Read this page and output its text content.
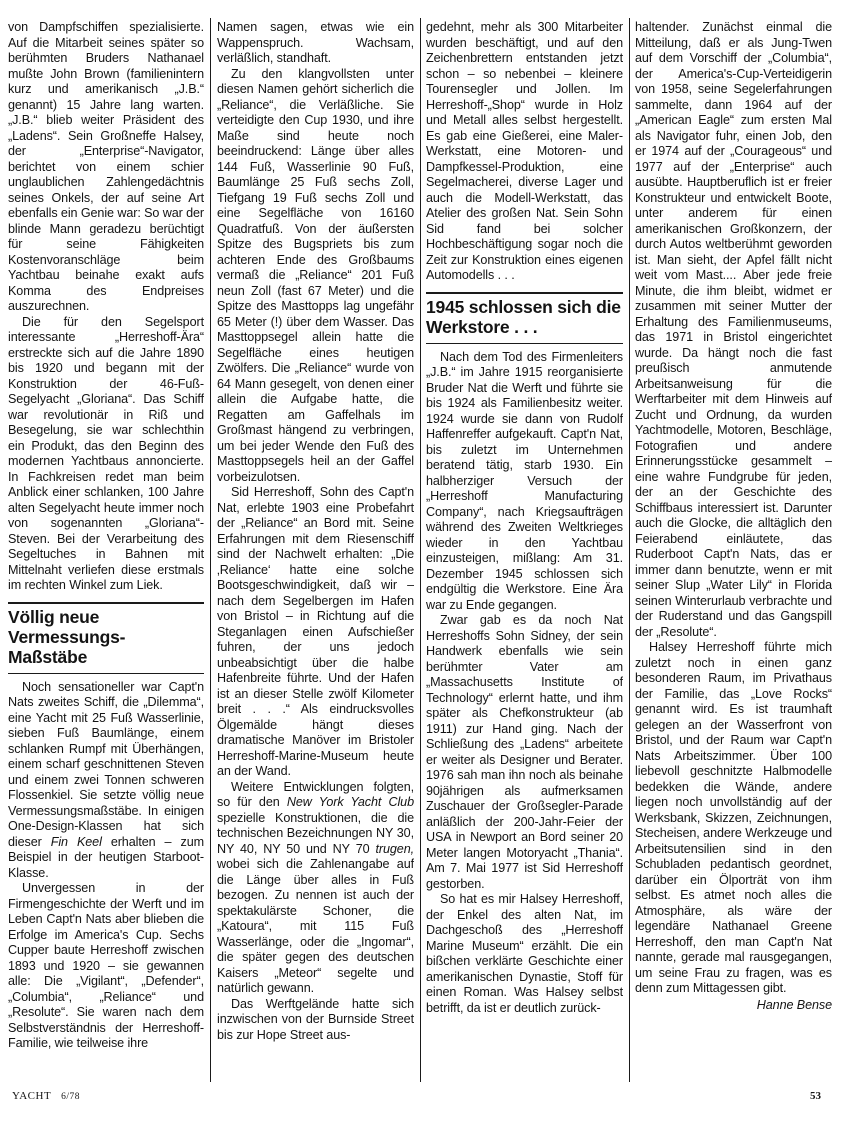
von Dampfschiffen spezialisierte. Auf die Mitarbeit seines später so berühmten Bruders Nathanael mußte John Brown (familienintern kurz und amerikanisch „J.B.“ genannt) 15 Jahre lang warten. „J.B.“ blieb weiter Präsident des „Ladens“. Sein Großneffe Halsey, der „Enterprise“-Navigator, berichtet von einem schier unglaublichen Zahlengedächtnis seines Onkels, der auf seine Art ebenfalls ein Genie war: So war der blinde Mann geradezu berüchtigt für seine Fähigkeiten Kostenvoranschläge beim Yachtbau beinahe exakt aufs Komma des Endpreises auszurechnen.

Die für den Segelsport interessante „Herreshoff-Ära“ erstreckte sich auf die Jahre 1890 bis 1920 und begann mit der Konstruktion der 46-Fuß-Segelyacht „Gloriana“. Das Schiff war revolutionär in Riß und Besegelung, sie war schlechthin ein Produkt, das den Beginn des modernen Yachtbaus annoncierte. In Fachkreisen redet man beim Anblick einer schlanken, 100 Jahre alten Segelyacht heute immer noch von sogenannten „Gloriana“-Steven. Bei der Verarbeitung des Segeltuches in Bahnen mit Mittelnaht verliefen diese erstmals im rechten Winkel zum Liek.

Völlig neue Vermessungs-Maßstäbe

Noch sensationeller war Capt'n Nats zweites Schiff, die „Dilemma“, eine Yacht mit 25 Fuß Wasserlinie, sieben Fuß Baumlänge, einem schlanken Rumpf mit Überhängen, einem scharf geschnittenen Steven und einem zwei Tonnen schweren Flossenkiel. Sie setzte völlig neue Vermessungsmaßstäbe. In einigen One-Design-Klassen hat sich dieser Fin Keel erhalten – zum Beispiel in der heutigen Starboot-Klasse.

Unvergessen in der Firmengeschichte der Werft und im Leben Capt'n Nats aber blieben die Erfolge im America's Cup. Sechs Cupper baute Herreshoff zwischen 1893 und 1920 – sie gewannen alle: Die „Vigilant“, „Defender“, „Columbia“, „Reliance“ und „Resolute“. Sie waren nach dem Selbstverständnis der Herreshoff-Familie, wie teilweise ihre

Namen sagen, etwas wie ein Wappenspruch. Wachsam, verläßlich, standhaft.

Zu den klangvollsten unter diesen Namen gehört sicherlich die „Reliance“, die Verläßliche. Sie verteidigte den Cup 1930, und ihre Maße sind heute noch beeindruckend: Länge über alles 144 Fuß, Wasserlinie 90 Fuß, Baumlänge 25 Fuß sechs Zoll, Tiefgang 19 Fuß sechs Zoll und eine Segelfläche von 16160 Quadratfuß. Von der äußersten Spitze des Bugspriets bis zum achteren Ende des Großbaums vermaß die „Reliance“ 201 Fuß neun Zoll (fast 67 Meter) und die Spitze des Masttopps lag ungefähr 65 Meter (!) über dem Wasser. Das Masttoppsegel allein hatte die Segelfläche eines heutigen Zwölfers. Die „Reliance“ wurde von 64 Mann gesegelt, von denen einer allein die Aufgabe hatte, die Regatten am Gaffelhals im Großmast hängend zu verbringen, um bei jeder Wende den Fuß des Masttoppsegels heil an der Gaffel vorbeizulotsen.

Sid Herreshoff, Sohn des Capt'n Nat, erlebte 1903 eine Probefahrt der „Reliance“ an Bord mit. Seine Erfahrungen mit dem Riesenschiff sind der Nachwelt erhalten: „Die ‚Reliance‘ hatte eine solche Bootsgeschwindigkeit, daß wir – nach dem Segelbergen im Hafen von Bristol – in Richtung auf die Steganlagen einen Aufschießer fuhren, der uns jedoch unbeabsichtigt über die halbe Hafenbreite führte. Und der Hafen ist an dieser Stelle zwölf Kilometer breit . . .“ Als eindrucksvolles Ölgemälde hängt dieses dramatische Manöver im Bristoler Herreshoff-Marine-Museum heute an der Wand.

Weitere Entwicklungen folgten, so für den New York Yacht Club spezielle Konstruktionen, die die technischen Bezeichnungen NY 30, NY 40, NY 50 und NY 70 trugen, wobei sich die Zahlenangabe auf die Länge über alles in Fuß bezogen. Zu nennen ist auch der spektakulärste Schoner, die „Katoura“, mit 115 Fuß Wasserlänge, oder die „Ingomar“, die später gegen des deutschen Kaisers „Meteor“ segelte und natürlich gewann.

Das Werftgelände hatte sich inzwischen von der Burnside Street bis zur Hope Street aus-

gedehnt, mehr als 300 Mitarbeiter wurden beschäftigt, und auf den Zeichenbrettern entstanden jetzt schon – so nebenbei – kleinere Tourensegler und Jollen. Im Herreshoff-„Shop“ wurde in Holz und Metall alles selbst hergestellt. Es gab eine Gießerei, eine Maler-Werkstatt, eine Motoren- und Dampfkessel-Produktion, eine Segelmacherei, diverse Lager und auch die Modell-Werkstatt, das Atelier des großen Nat. Sein Sohn Sid fand bei solcher Hochbeschäftigung sogar noch die Zeit zur Konstruktion eines eigenen Automodells . . .

1945 schlossen sich die Werkstore . . .

Nach dem Tod des Firmenleiters „J.B.“ im Jahre 1915 reorganisierte Bruder Nat die Werft und führte sie bis 1924 als Familienbesitz weiter. 1924 wurde sie dann von Rudolf Haffenreffer aufgekauft. Capt'n Nat, bis zuletzt im Unternehmen beratend tätig, starb 1930. Ein halbherziger Versuch der „Herreshoff Manufacturing Company“, nach Kriegsaufträgen während des Zweiten Weltkrieges wieder in den Yachtbau einzusteigen, mißlang: Am 31. Dezember 1945 schlossen sich endgültig die Werkstore. Eine Ära war zu Ende gegangen.

Zwar gab es da noch Nat Herreshoffs Sohn Sidney, der sein Handwerk ebenfalls wie sein berühmter Vater am „Massachusetts Institute of Technology“ erlernt hatte, und ihm später als Chefkonstrukteur (ab 1911) zur Hand ging. Nach der Schließung des „Ladens“ arbeitete er weiter als Designer und Berater. 1976 sah man ihn noch als beinahe 90jährigen als aufmerksamen Zuschauer der Großsegler-Parade anläßlich der 200-Jahr-Feier der USA in Newport an Bord seiner 20 Meter langen Motoryacht „Thania“. Am 7. Mai 1977 ist Sid Herreshoff gestorben.

So hat es mir Halsey Herreshoff, der Enkel des alten Nat, im Dachgeschoß des „Herreshoff Marine Museum“ erzählt. Die ein bißchen verklärte Geschichte einer amerikanischen Dynastie, Stoff für einen Roman. Was Halsey selbst betrifft, da ist er deutlich zurück-

haltender. Zunächst einmal die Mitteilung, daß er als Jung-Twen auf dem Vorschiff der „Columbia“, der America's-Cup-Verteidigerin von 1958, seine Segelerfahrungen sammelte, dann 1964 auf der „American Eagle“ zum ersten Mal als Navigator fuhr, einen Job, den er 1974 auf der „Courageous“ und 1977 auf der „Enterprise“ auch ausübte. Hauptberuflich ist er freier Konstrukteur und entwickelt Boote, unter anderem für einen amerikanischen Großkonzern, der durch Autos weltberühmt geworden ist. Man sieht, der Apfel fällt nicht weit vom Mast.... Aber jede freie Minute, die ihm bleibt, widmet er zusammen mit seiner Mutter der Erhaltung des Familienmuseums, das 1971 in Bristol eingerichtet wurde. Da hängt noch die fast preußisch anmutende Arbeitsanweisung für die Werftarbeiter mit dem Hinweis auf Zucht und Ordnung, da wurden Yachtmodelle, Motoren, Beschläge, Fotografien und andere Erinnerungsstücke gesammelt – eine wahre Fundgrube für jeden, der an der Geschichte des Schiffbaus interessiert ist. Darunter auch die Glocke, die alltäglich den Feierabend einläutete, das Ruderboot Capt'n Nats, das er immer dann benutzte, wenn er mit seiner Slup „Water Lily“ in Florida seinen Winterurlaub verbrachte und der Ruderstand und das Gangspill der „Resolute“.

Halsey Herreshoff führte mich zuletzt noch in einen ganz besonderen Raum, im Privathaus der Familie, das „Love Rocks“ genannt wird. Es ist traumhaft gelegen an der Wasserfront von Bristol, und der Raum war Capt'n Nats Arbeitszimmer. Über 100 liebevoll geschnitzte Halbmodelle bedekken die Wände, andere liegen noch unvollständig auf der Werksbank, Skizzen, Zeichnungen, Stecheisen, andere Werkzeuge und Arbeitsutensilien sind in den Schubladen pedantisch geordnet, darüber ein Ölporträt von ihm selbst. Es atmet noch alles die Atmosphäre, als wäre der legendäre Nathanael Greene Herreshoff, den man Capt'n Nat nannte, gerade mal rausgegangen, um seine Frau zu fragen, was es denn zum Mittagessen gibt.

Hanne Bense

YACHT 6/78	53
